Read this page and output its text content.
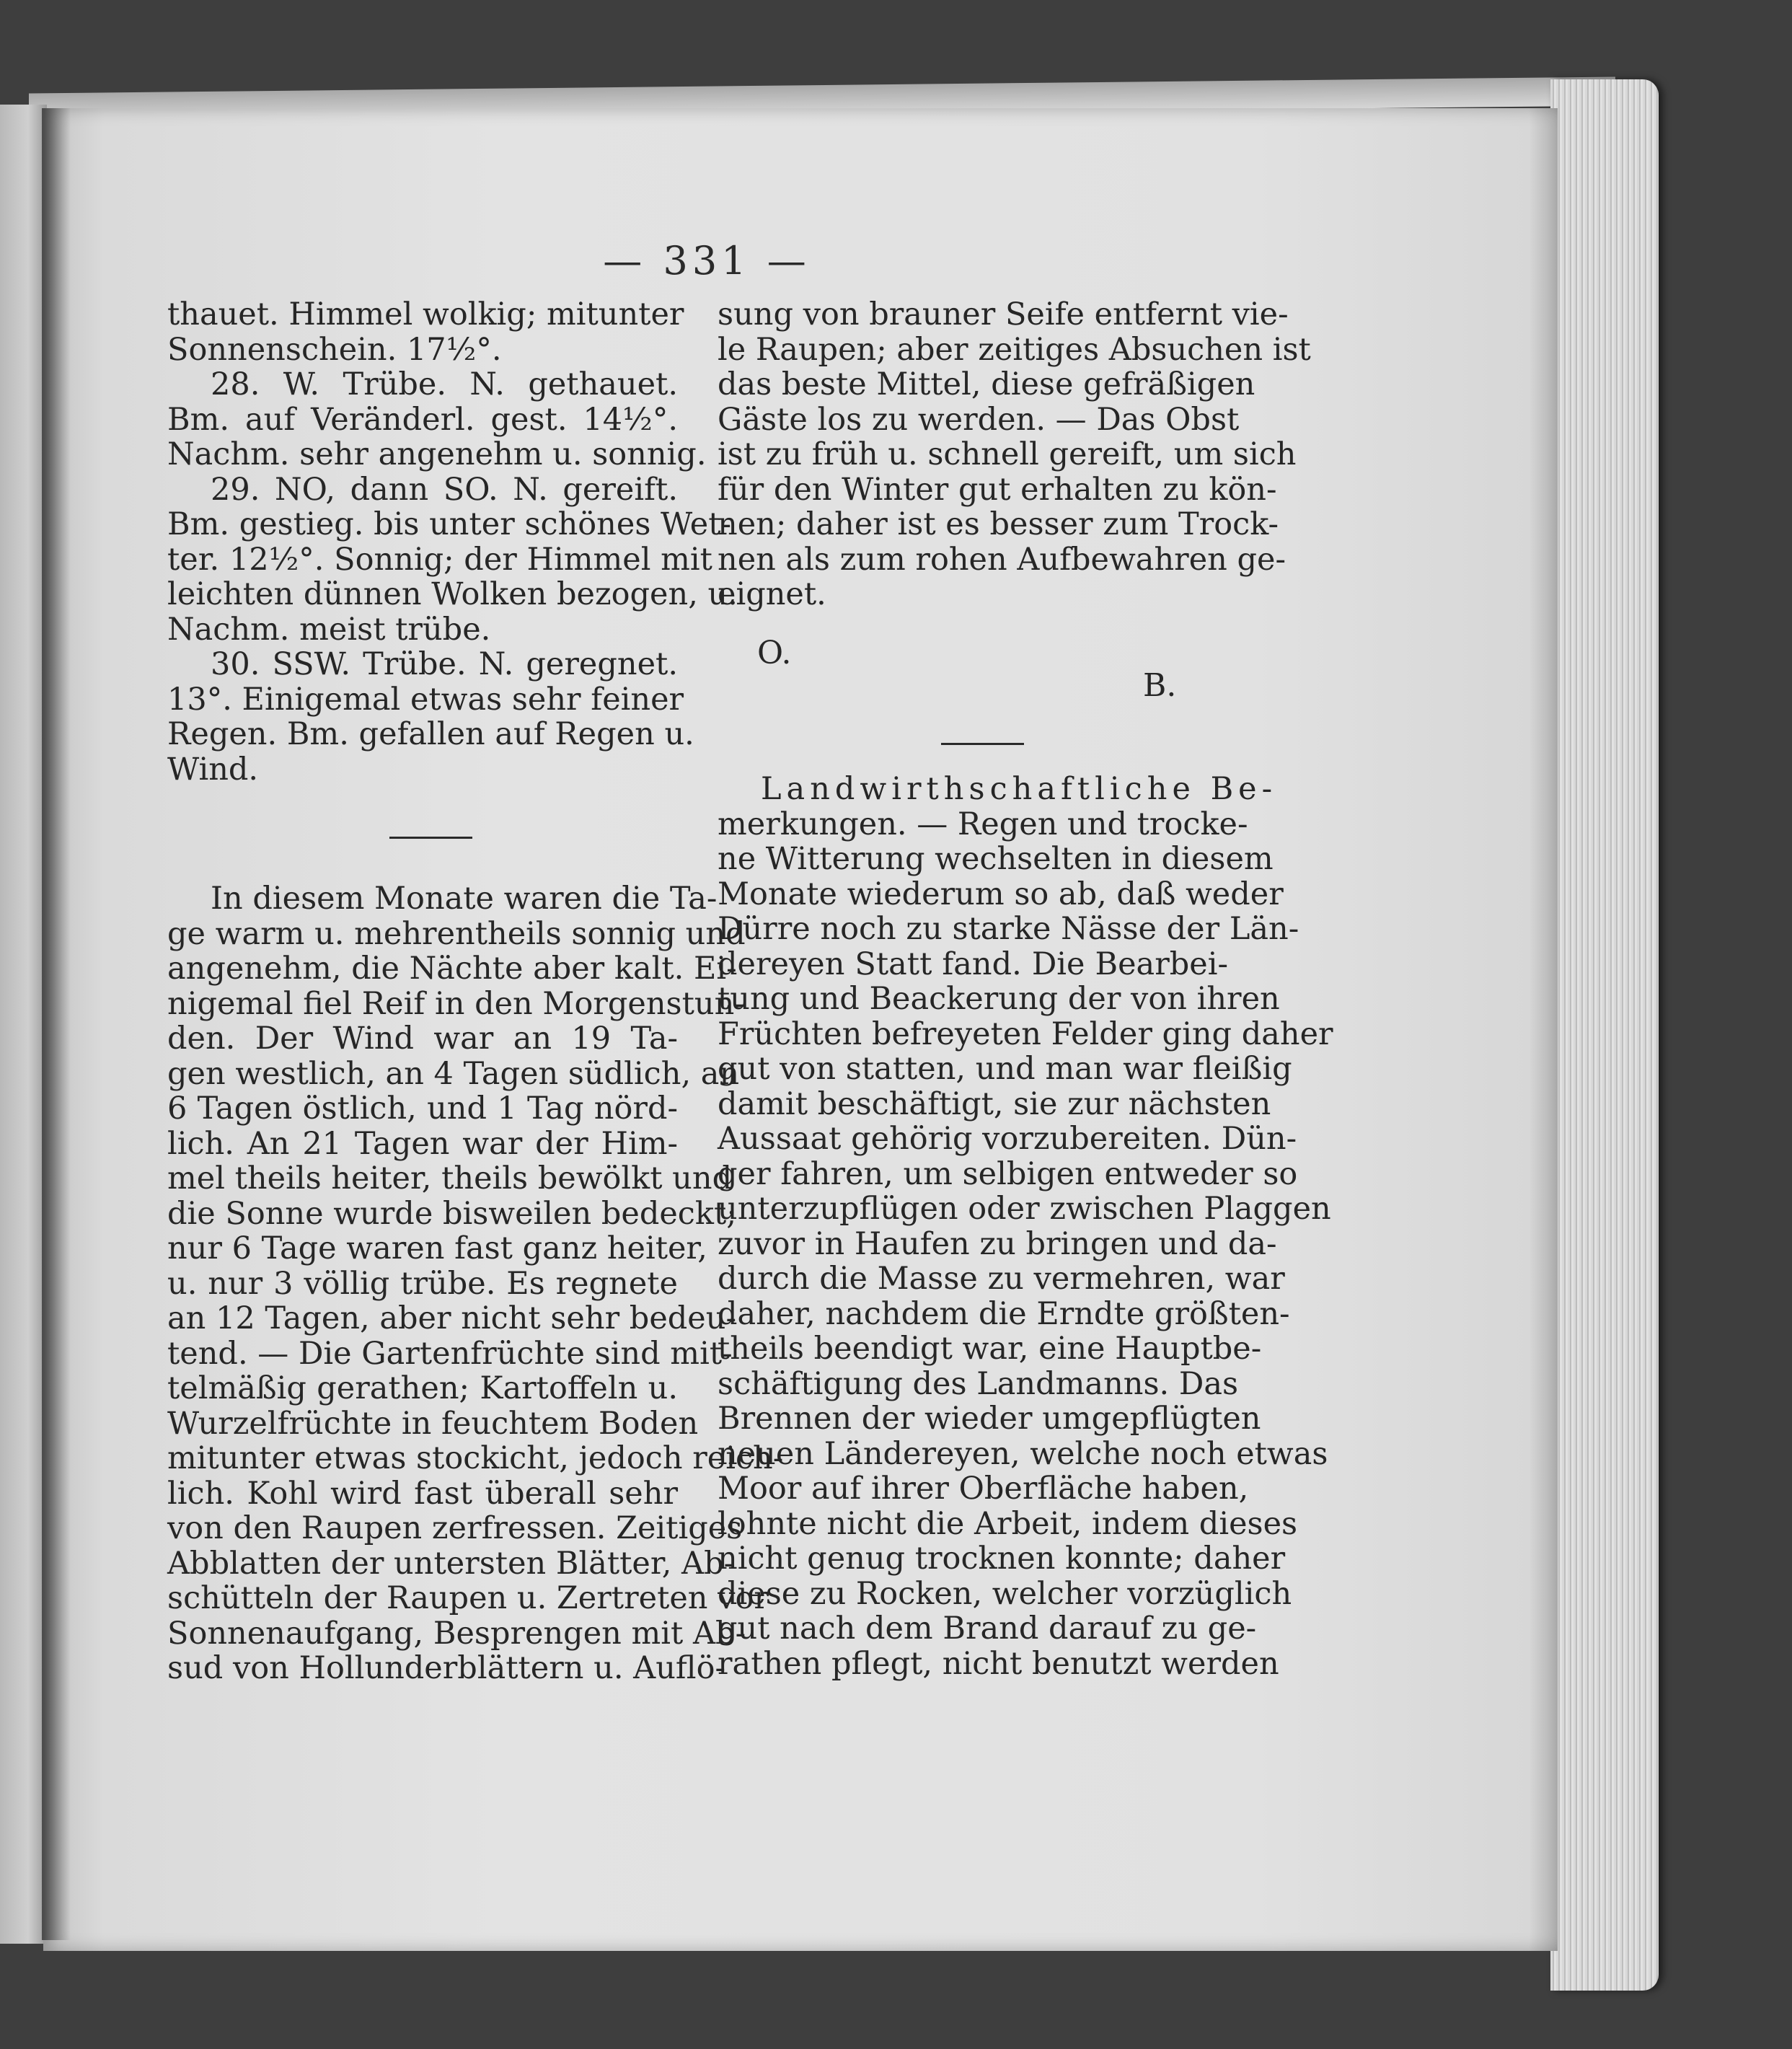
— 331 —
thauet. Himmel wolkig; mitunter
Sonnenschein. 17½°.
28. W. Trübe. N. gethauet.
Bm. auf Veränderl. gest. 14½°.
Nachm. sehr angenehm u. sonnig.
29. NO, dann SO. N. gereift.
Bm. gestieg. bis unter schönes Wet-
ter. 12½°. Sonnig; der Himmel mit
leichten dünnen Wolken bezogen, u.
Nachm. meist trübe.
30. SSW. Trübe. N. geregnet.
13°. Einigemal etwas sehr feiner
Regen. Bm. gefallen auf Regen u.
Wind.
In diesem Monate waren die Ta-
ge warm u. mehrentheils sonnig und
angenehm, die Nächte aber kalt. Ei-
nigemal fiel Reif in den Morgenstun-
den. Der Wind war an 19 Ta-
gen westlich, an 4 Tagen südlich, an
6 Tagen östlich, und 1 Tag nörd-
lich. An 21 Tagen war der Him-
mel theils heiter, theils bewölkt und
die Sonne wurde bisweilen bedeckt;
nur 6 Tage waren fast ganz heiter,
u. nur 3 völlig trübe. Es regnete
an 12 Tagen, aber nicht sehr bedeu-
tend. — Die Gartenfrüchte sind mit-
telmäßig gerathen; Kartoffeln u.
Wurzelfrüchte in feuchtem Boden
mitunter etwas stockicht, jedoch reich-
lich. Kohl wird fast überall sehr
von den Raupen zerfressen. Zeitiges
Abblatten der untersten Blätter, Ab-
schütteln der Raupen u. Zertreten vor
Sonnenaufgang, Besprengen mit Ab-
sud von Hollunderblättern u. Auflö-
sung von brauner Seife entfernt vie-
le Raupen; aber zeitiges Absuchen ist
das beste Mittel, diese gefräßigen
Gäste los zu werden. — Das Obst
ist zu früh u. schnell gereift, um sich
für den Winter gut erhalten zu kön-
nen; daher ist es besser zum Trock-
nen als zum rohen Aufbewahren ge-
eignet.
O.
B.
Landwirthschaftliche Be-
merkungen. — Regen und trocke-
ne Witterung wechselten in diesem
Monate wiederum so ab, daß weder
Dürre noch zu starke Nässe der Län-
dereyen Statt fand. Die Bearbei-
tung und Beackerung der von ihren
Früchten befreyeten Felder ging daher
gut von statten, und man war fleißig
damit beschäftigt, sie zur nächsten
Aussaat gehörig vorzubereiten. Dün-
ger fahren, um selbigen entweder so
unterzupflügen oder zwischen Plaggen
zuvor in Haufen zu bringen und da-
durch die Masse zu vermehren, war
daher, nachdem die Erndte größten-
theils beendigt war, eine Hauptbe-
schäftigung des Landmanns. Das
Brennen der wieder umgepflügten
neuen Ländereyen, welche noch etwas
Moor auf ihrer Oberfläche haben,
lohnte nicht die Arbeit, indem dieses
nicht genug trocknen konnte; daher
diese zu Rocken, welcher vorzüglich
gut nach dem Brand darauf zu ge-
rathen pflegt, nicht benutzt werden
